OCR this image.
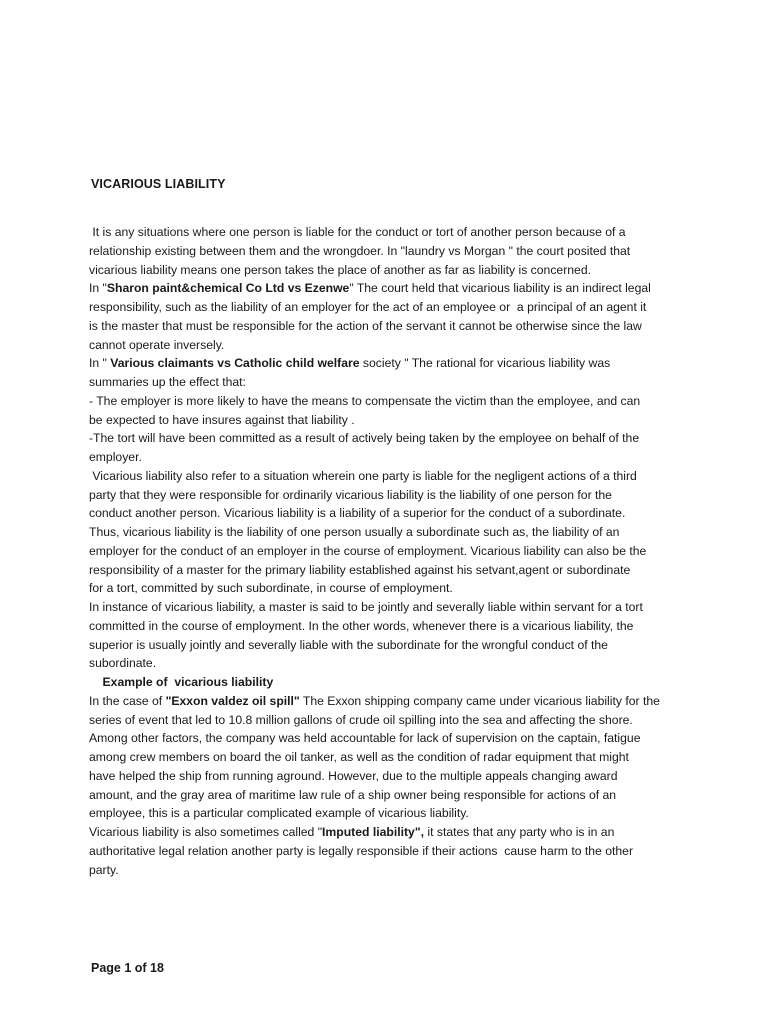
VICARIOUS LIABILITY
It is any situations where one person is liable for the conduct or tort of another person because of a
relationship existing between them and the wrongdoer. In "laundry vs Morgan " the court posited that
vicarious liability means one person takes the place of another as far as liability is concerned.
In "Sharon paint&chemical Co Ltd vs Ezenwe" The court held that vicarious liability is an indirect legal
responsibility, such as the liability of an employer for the act of an employee or  a principal of an agent it
is the master that must be responsible for the action of the servant it cannot be otherwise since the law
cannot operate inversely.
In " Various claimants vs Catholic child welfare society " The rational for vicarious liability was
summaries up the effect that:
- The employer is more likely to have the means to compensate the victim than the employee, and can
be expected to have insures against that liability .
-The tort will have been committed as a result of actively being taken by the employee on behalf of the
employer.
Vicarious liability also refer to a situation wherein one party is liable for the negligent actions of a third
party that they were responsible for ordinarily vicarious liability is the liability of one person for the
conduct another person. Vicarious liability is a liability of a superior for the conduct of a subordinate.
Thus, vicarious liability is the liability of one person usually a subordinate such as, the liability of an
employer for the conduct of an employer in the course of employment. Vicarious liability can also be the
responsibility of a master for the primary liability established against his setvant,agent or subordinate
for a tort, committed by such subordinate, in course of employment.
In instance of vicarious liability, a master is said to be jointly and severally liable within servant for a tort
committed in the course of employment. In the other words, whenever there is a vicarious liability, the
superior is usually jointly and severally liable with the subordinate for the wrongful conduct of the
subordinate.
Example of  vicarious liability
In the case of "Exxon valdez oil spill" The Exxon shipping company came under vicarious liability for the
series of event that led to 10.8 million gallons of crude oil spilling into the sea and affecting the shore.
Among other factors, the company was held accountable for lack of supervision on the captain, fatigue
among crew members on board the oil tanker, as well as the condition of radar equipment that might
have helped the ship from running aground. However, due to the multiple appeals changing award
amount, and the gray area of maritime law rule of a ship owner being responsible for actions of an
employee, this is a particular complicated example of vicarious liability.
Vicarious liability is also sometimes called "Imputed liability", it states that any party who is in an
authoritative legal relation another party is legally responsible if their actions  cause harm to the other
party.
Page 1 of 18
